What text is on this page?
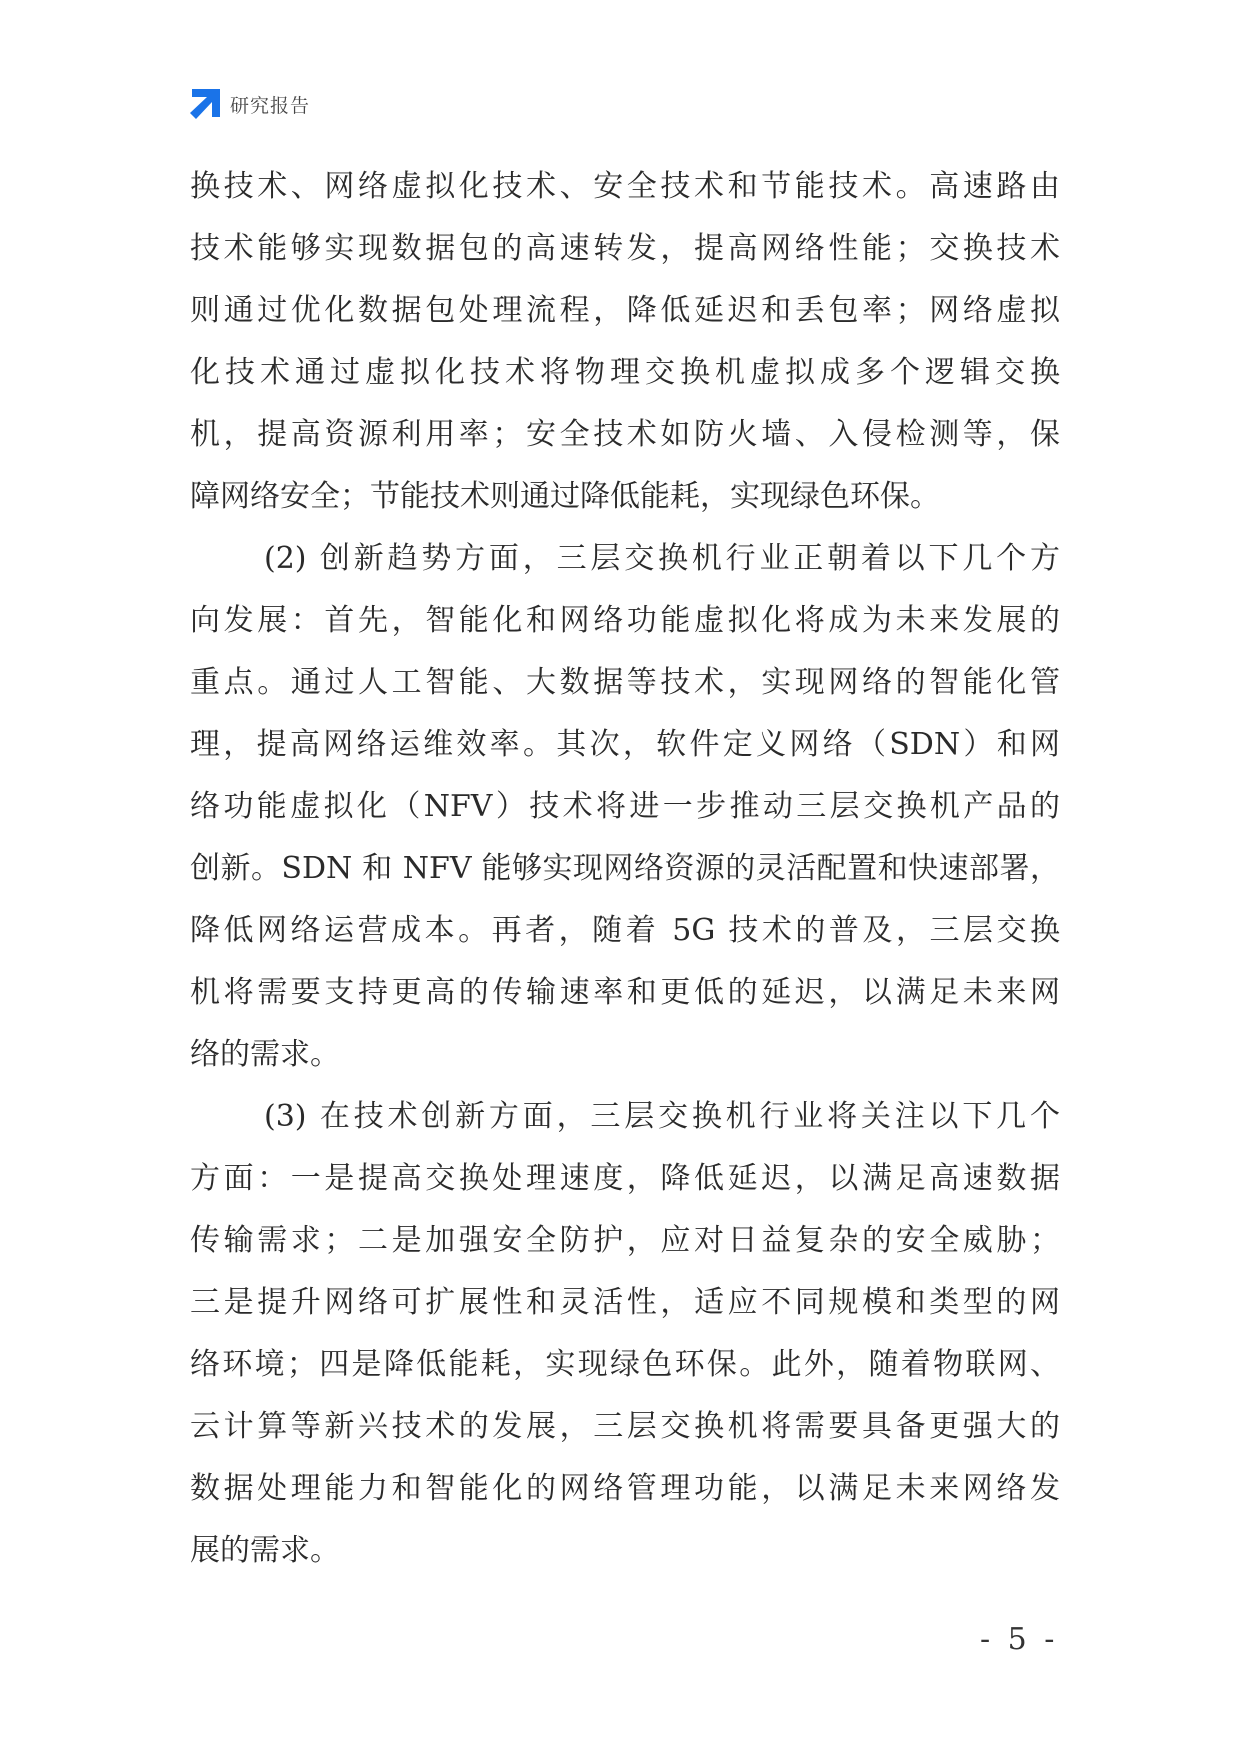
研究报告
换技术、网络虚拟化技术、安全技术和节能技术。高速路由
技术能够实现数据包的高速转发，提高网络性能；交换技术
则通过优化数据包处理流程，降低延迟和丢包率；网络虚拟
化技术通过虚拟化技术将物理交换机虚拟成多个逻辑交换
机，提高资源利用率；安全技术如防火墙、入侵检测等，保
障网络安全；节能技术则通过降低能耗，实现绿色环保。
(2) 创新趋势方面，三层交换机行业正朝着以下几个方
向发展：首先，智能化和网络功能虚拟化将成为未来发展的
重点。通过人工智能、大数据等技术，实现网络的智能化管
理，提高网络运维效率。其次，软件定义网络（SDN）和网
络功能虚拟化（NFV）技术将进一步推动三层交换机产品的
创新。SDN 和 NFV 能够实现网络资源的灵活配置和快速部署，
降低网络运营成本。再者，随着 5G 技术的普及，三层交换
机将需要支持更高的传输速率和更低的延迟，以满足未来网
络的需求。
(3) 在技术创新方面，三层交换机行业将关注以下几个
方面：一是提高交换处理速度，降低延迟，以满足高速数据
传输需求；二是加强安全防护，应对日益复杂的安全威胁；
三是提升网络可扩展性和灵活性，适应不同规模和类型的网
络环境；四是降低能耗，实现绿色环保。此外，随着物联网、
云计算等新兴技术的发展，三层交换机将需要具备更强大的
数据处理能力和智能化的网络管理功能，以满足未来网络发
展的需求。
- 5 -
